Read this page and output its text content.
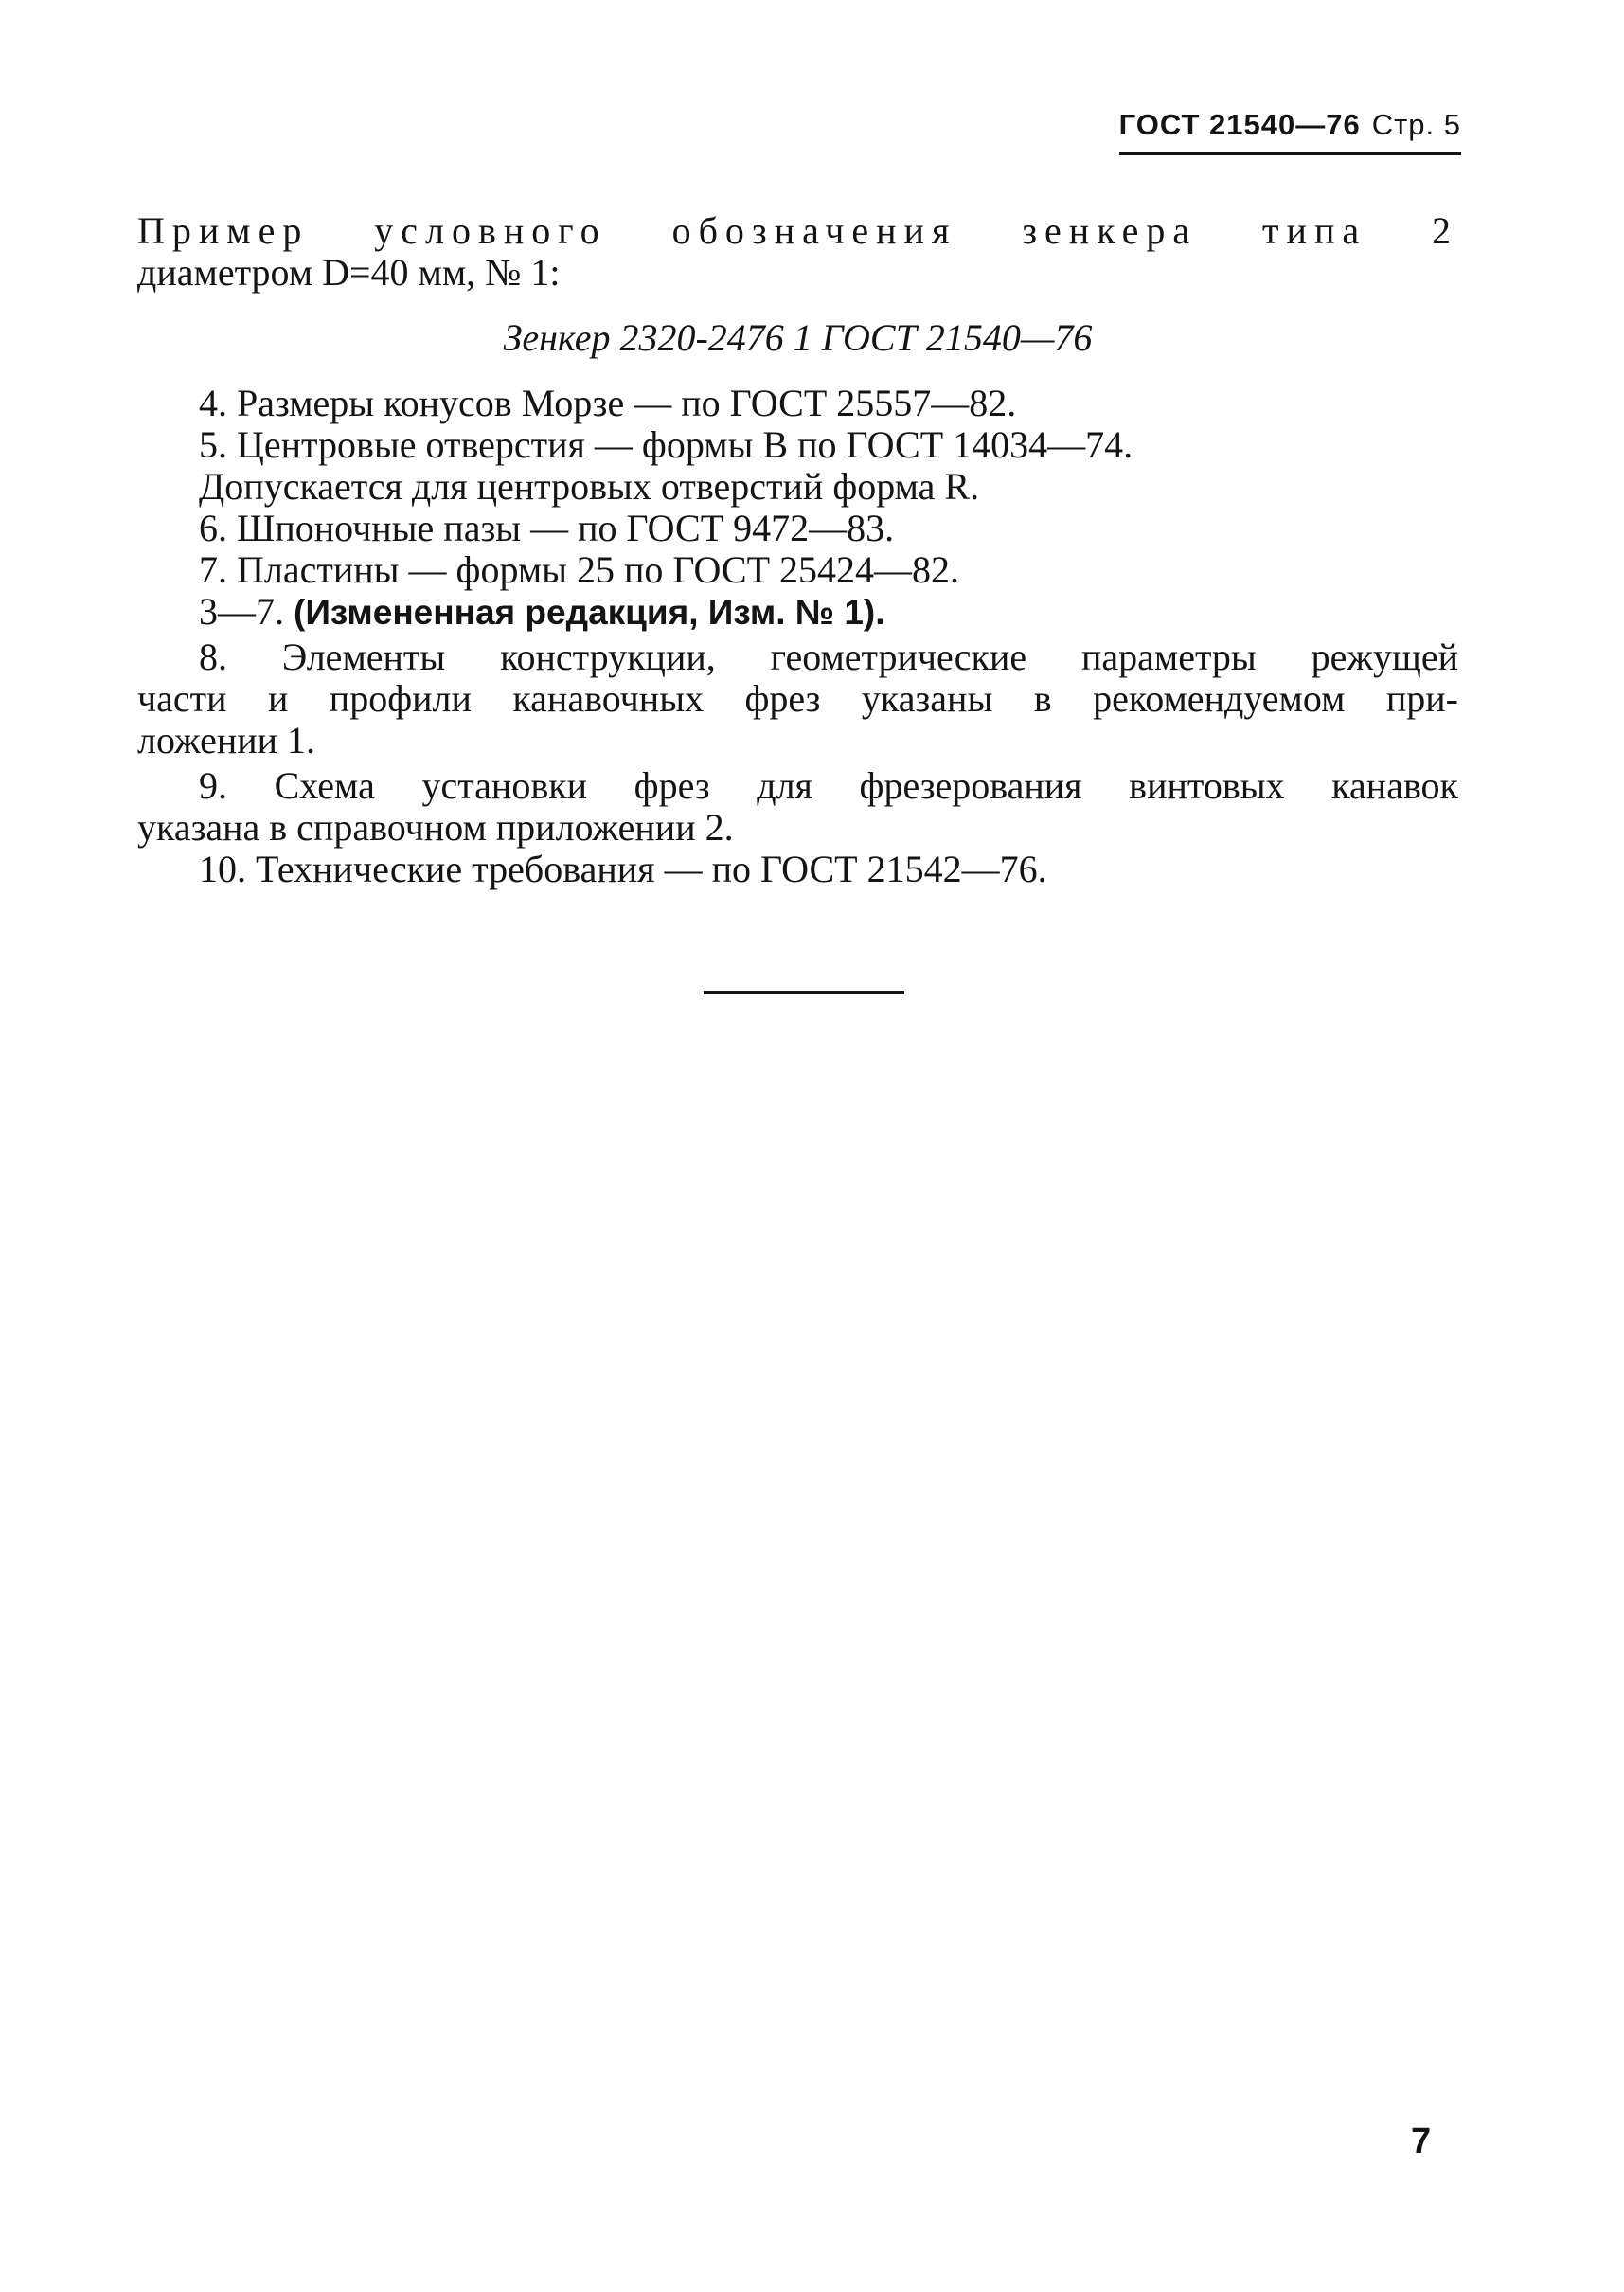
ГОСТ 21540—76 Стр. 5
Пример условного обозначения зенкера типа 2
диаметром D=40 мм, № 1:
Зенкер 2320-2476 1 ГОСТ 21540—76
4. Размеры конусов Морзе — по ГОСТ 25557—82.
5. Центровые отверстия — формы В по ГОСТ 14034—74.
Допускается для центровых отверстий форма R.
6. Шпоночные пазы — по ГОСТ 9472—83.
7. Пластины — формы 25 по ГОСТ 25424—82.
3—7. (Измененная редакция, Изм. № 1).
8. Элементы конструкции, геометрические параметры режущей
части и профили канавочных фрез указаны в рекомендуемом при-
ложении 1.
9. Схема установки фрез для фрезерования винтовых канавок
указана в справочном приложении 2.
10. Технические требования — по ГОСТ 21542—76.
7
